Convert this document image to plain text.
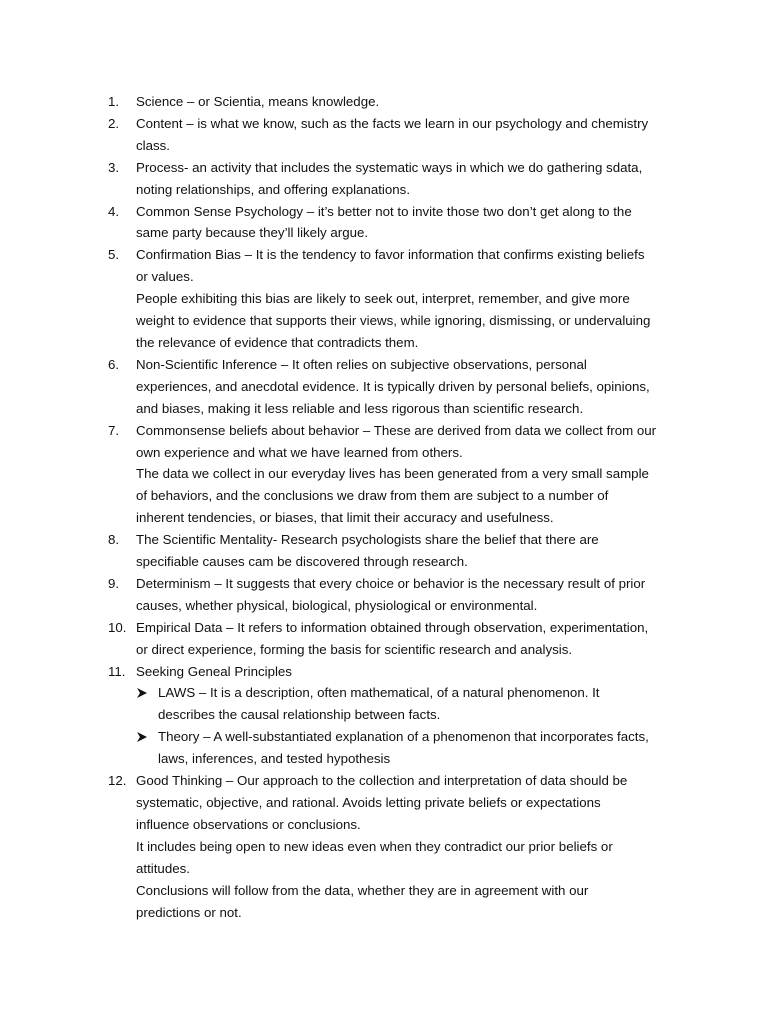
1.	Science – or Scientia, means knowledge.
2.	Content – is what we know, such as the facts we learn in our psychology and chemistry
class.
3.	Process- an activity that includes the systematic ways in which we do gathering sdata,
noting relationships, and offering explanations.
4.	Common Sense Psychology – it’s better not to invite those two don’t get along to the
same party because they’ll likely argue.
5.	Confirmation Bias – It is the tendency to favor information that confirms existing beliefs
or values.
People exhibiting this bias are likely to seek out, interpret, remember, and give more
weight to evidence that supports their views, while ignoring, dismissing, or undervaluing
the relevance of evidence that contradicts them.
6.	Non-Scientific Inference – It often relies on subjective observations, personal
experiences, and anecdotal evidence. It is typically driven by personal beliefs, opinions,
and biases, making it less reliable and less rigorous than scientific research.
7.	Commonsense beliefs about behavior – These are derived from data we collect from our
own experience and what we have learned from others.
The data we collect in our everyday lives has been generated from a very small sample
of behaviors, and the conclusions we draw from them are subject to a number of
inherent tendencies, or biases, that limit their accuracy and usefulness.
8.	The Scientific Mentality- Research psychologists share the belief that there are
specifiable causes cam be discovered through research.
9.	Determinism – It suggests that every choice or behavior is the necessary result of prior
causes, whether physical, biological, physiological or environmental.
10. Empirical Data – It refers to information obtained through observation, experimentation,
or direct experience, forming the basis for scientific research and analysis.
11. Seeking Geneal Principles
LAWS – It is a description, often mathematical, of a natural phenomenon. It
describes the causal relationship between facts.
Theory – A well-substantiated explanation of a phenomenon that incorporates facts,
laws, inferences, and tested hypothesis
12. Good Thinking – Our approach to the collection and interpretation of data should be
systematic, objective, and rational. Avoids letting private beliefs or expectations
influence observations or conclusions.
It includes being open to new ideas even when they contradict our prior beliefs or
attitudes.
Conclusions will follow from the data, whether they are in agreement with our
predictions or not.
